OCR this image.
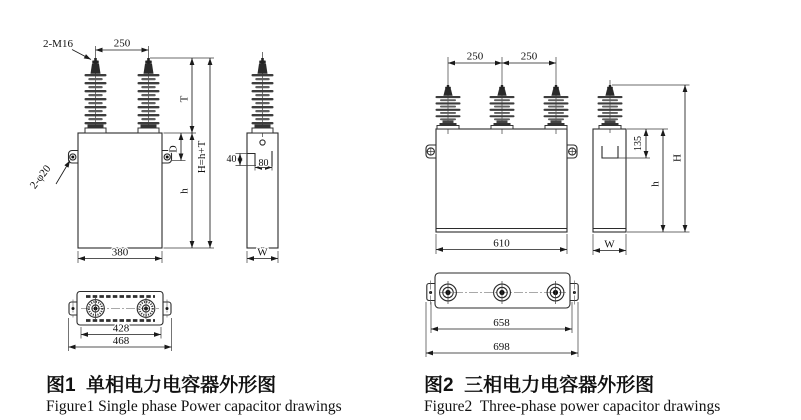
250
2-M16
D
T
h
H=h+T
2-φ20
380
40 80
W
428
468
250	250
610
135
h
H
W
658
698
图1  单相电力电容器外形图
Figure1 Single phase Power capacitor drawings
图2  三相电力电容器外形图
Figure2  Three-phase power capacitor drawings
